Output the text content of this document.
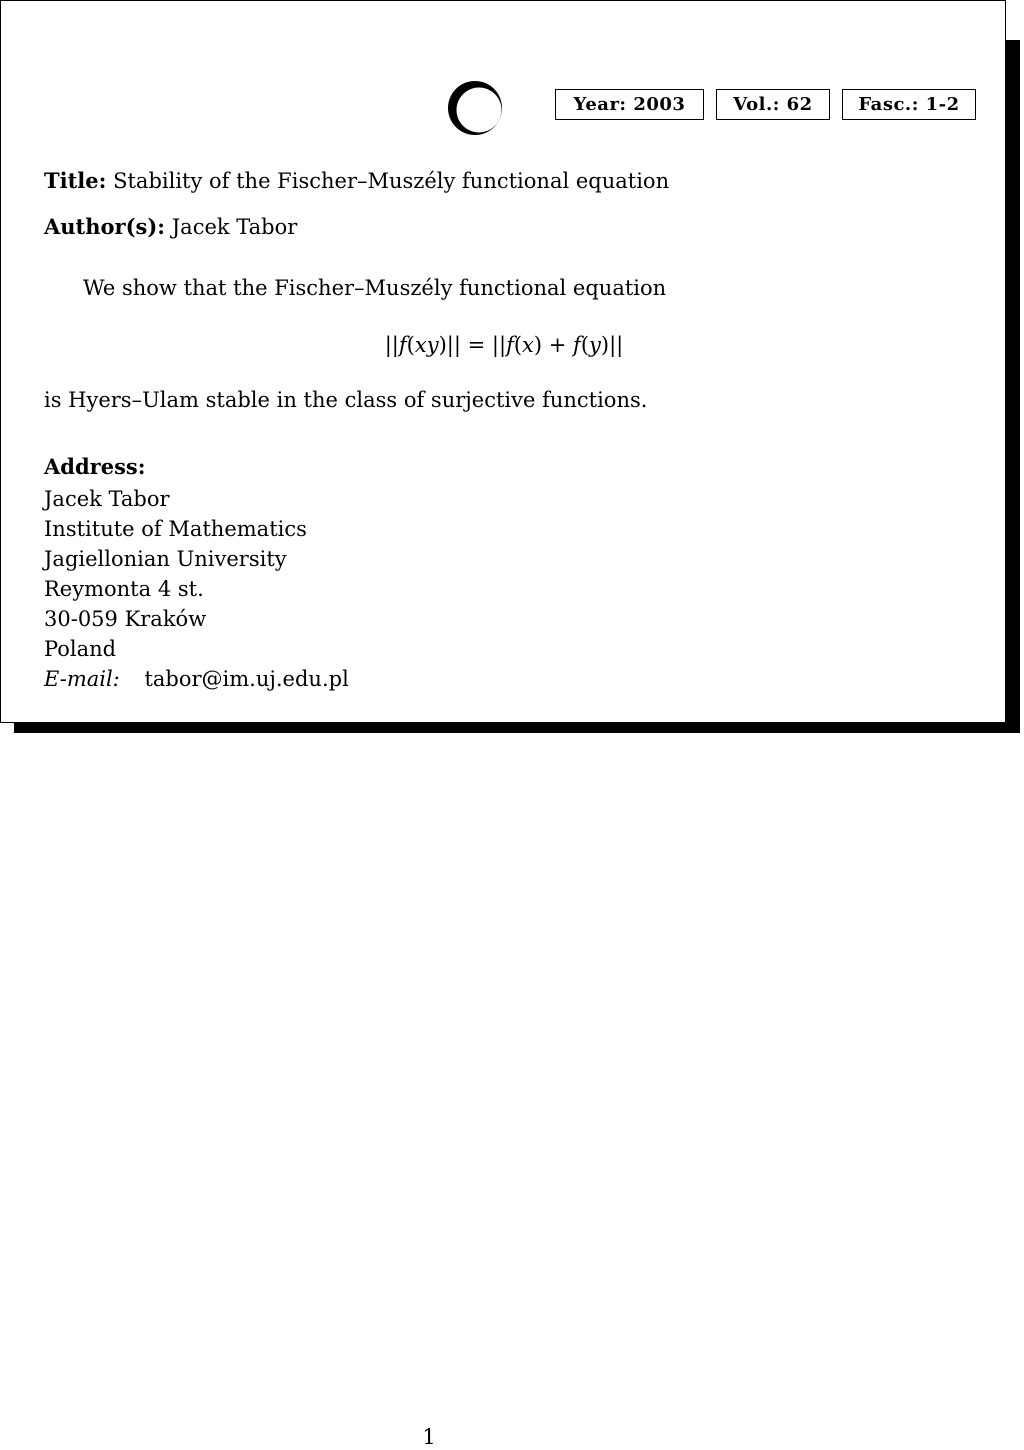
Year: 2003	Vol.: 62	Fasc.: 1-2
Title: Stability of the Fischer–Muszély functional equation
Author(s): Jacek Tabor
We show that the Fischer–Muszély functional equation
||f(xy)|| = ||f(x) + f(y)||
is Hyers–Ulam stable in the class of surjective functions.
Address:
Jacek Tabor
Institute of Mathematics
Jagiellonian University
Reymonta 4 st.
30-059 Kraków
Poland
E-mail: tabor@im.uj.edu.pl
1
